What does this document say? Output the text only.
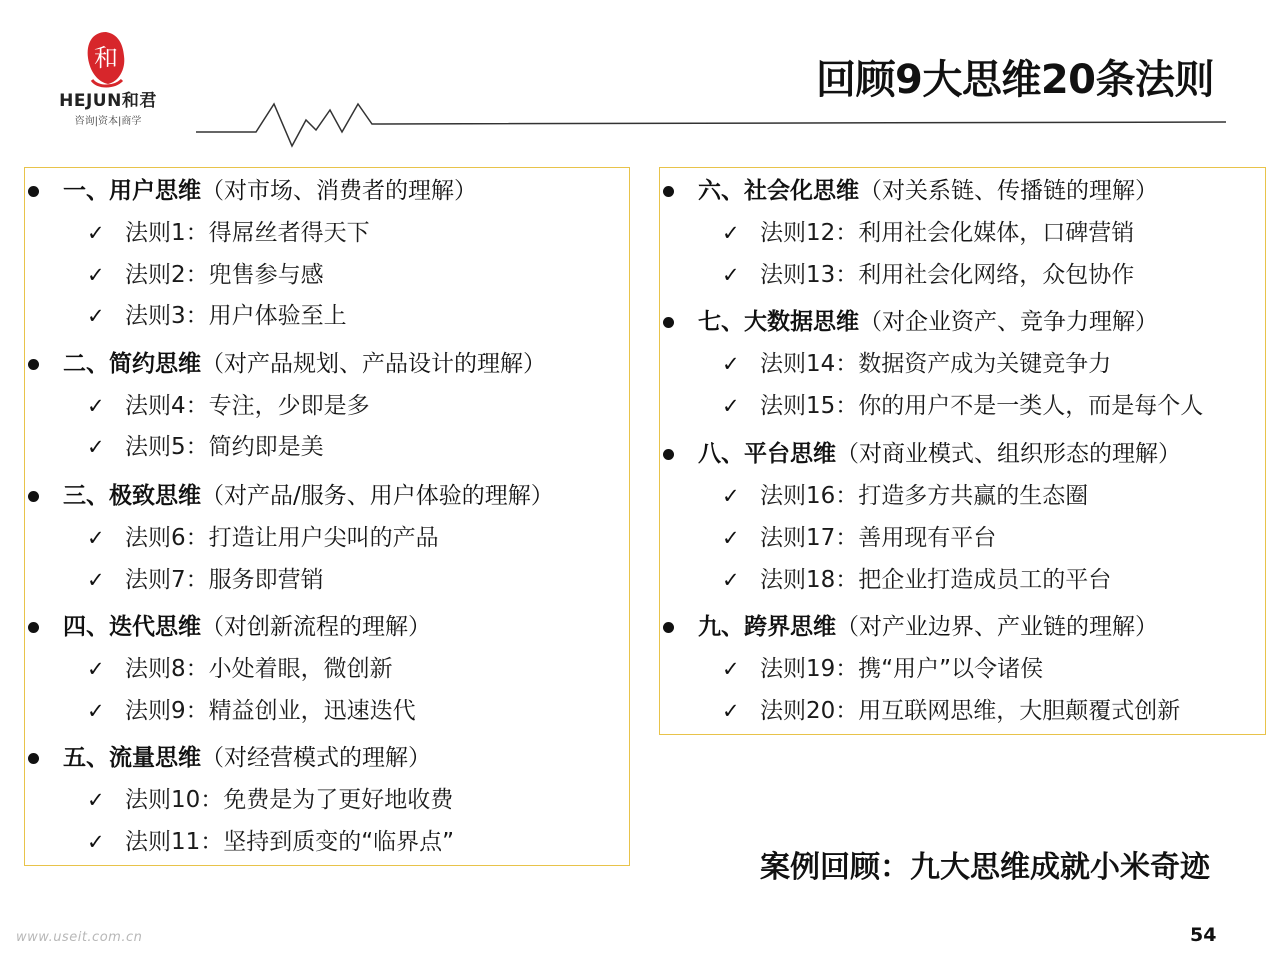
和
HEJUN和君
咨询|资本|商学
回顾9大思维20条法则
一、用户思维（对市场、消费者的理解）
✓ 法则1：得屌丝者得天下
✓ 法则2：兜售参与感
✓ 法则3：用户体验至上
二、简约思维（对产品规划、产品设计的理解）
✓ 法则4：专注，少即是多
✓ 法则5：简约即是美
三、极致思维（对产品/服务、用户体验的理解）
✓ 法则6：打造让用户尖叫的产品
✓ 法则7：服务即营销
四、迭代思维（对创新流程的理解）
✓ 法则8：小处着眼，微创新
✓ 法则9：精益创业，迅速迭代
五、流量思维（对经营模式的理解）
✓ 法则10：免费是为了更好地收费
✓ 法则11：坚持到质变的“临界点”
六、社会化思维（对关系链、传播链的理解）
✓ 法则12：利用社会化媒体，口碑营销
✓ 法则13：利用社会化网络，众包协作
七、大数据思维（对企业资产、竞争力理解）
✓ 法则14：数据资产成为关键竞争力
✓ 法则15：你的用户不是一类人，而是每个人
八、平台思维（对商业模式、组织形态的理解）
✓ 法则16：打造多方共赢的生态圈
✓ 法则17：善用现有平台
✓ 法则18：把企业打造成员工的平台
九、跨界思维（对产业边界、产业链的理解）
✓ 法则19：携“用户”以令诸侯
✓ 法则20：用互联网思维，大胆颠覆式创新
案例回顾：九大思维成就小米奇迹
54
www.useit.com.cn
